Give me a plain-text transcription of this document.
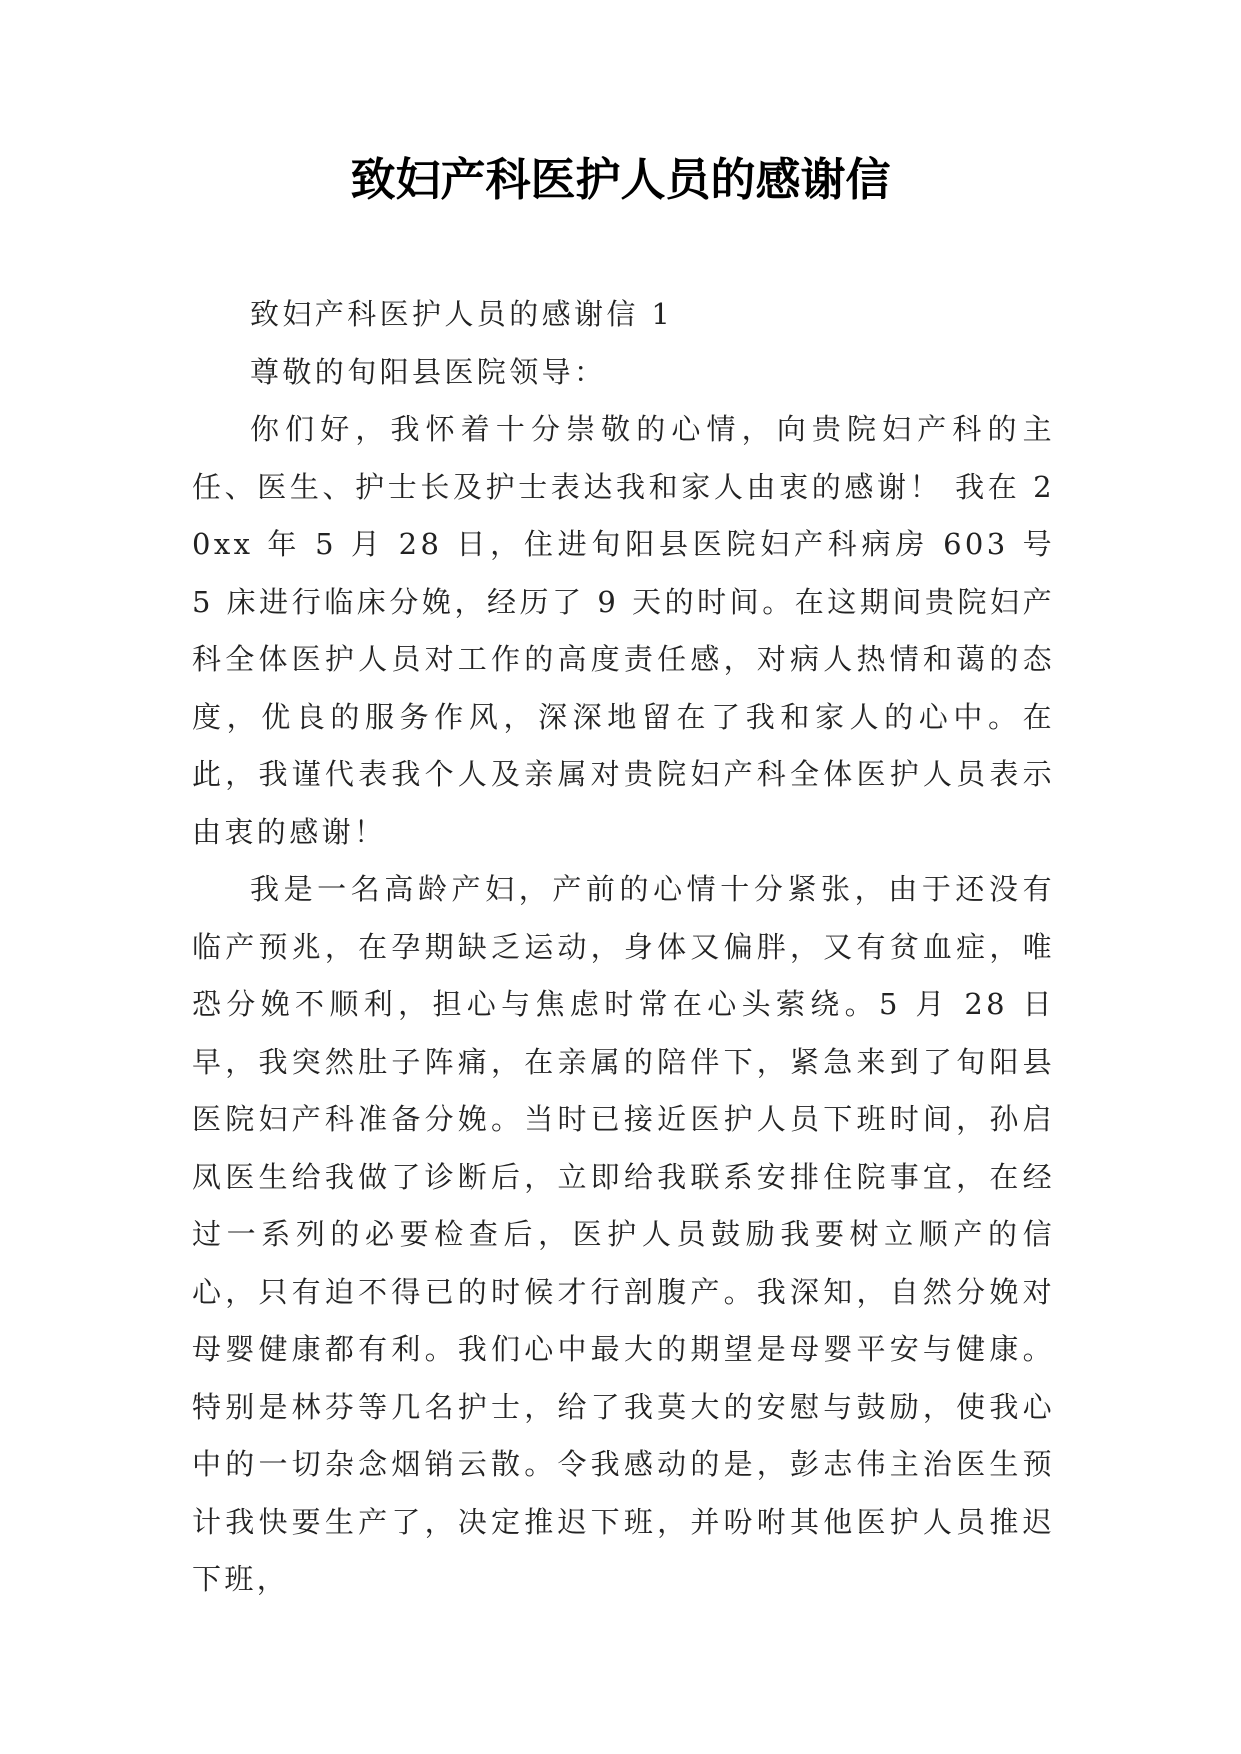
致妇产科医护人员的感谢信

致妇产科医护人员的感谢信 1

尊敬的旬阳县医院领导：

你们好，我怀着十分崇敬的心情，向贵院妇产科的主任、医生、护士长及护士表达我和家人由衷的感谢！ 我在 20xx 年 5 月 28 日，住进旬阳县医院妇产科病房 603 号 5 床进行临床分娩，经历了 9 天的时间。在这期间贵院妇产科全体医护人员对工作的高度责任感，对病人热情和蔼的态度，优良的服务作风，深深地留在了我和家人的心中。在此，我谨代表我个人及亲属对贵院妇产科全体医护人员表示由衷的感谢！

我是一名高龄产妇，产前的心情十分紧张，由于还没有临产预兆，在孕期缺乏运动，身体又偏胖，又有贫血症，唯恐分娩不顺利，担心与焦虑时常在心头萦绕。5 月 28 日早，我突然肚子阵痛，在亲属的陪伴下，紧急来到了旬阳县医院妇产科准备分娩。当时已接近医护人员下班时间，孙启凤医生给我做了诊断后，立即给我联系安排住院事宜，在经过一系列的必要检查后，医护人员鼓励我要树立顺产的信心，只有迫不得已的时候才行剖腹产。我深知，自然分娩对母婴健康都有利。我们心中最大的期望是母婴平安与健康。特别是林芬等几名护士，给了我莫大的安慰与鼓励，使我心中的一切杂念烟销云散。令我感动的是，彭志伟主治医生预计我快要生产了，决定推迟下班，并吩咐其他医护人员推迟下班，
